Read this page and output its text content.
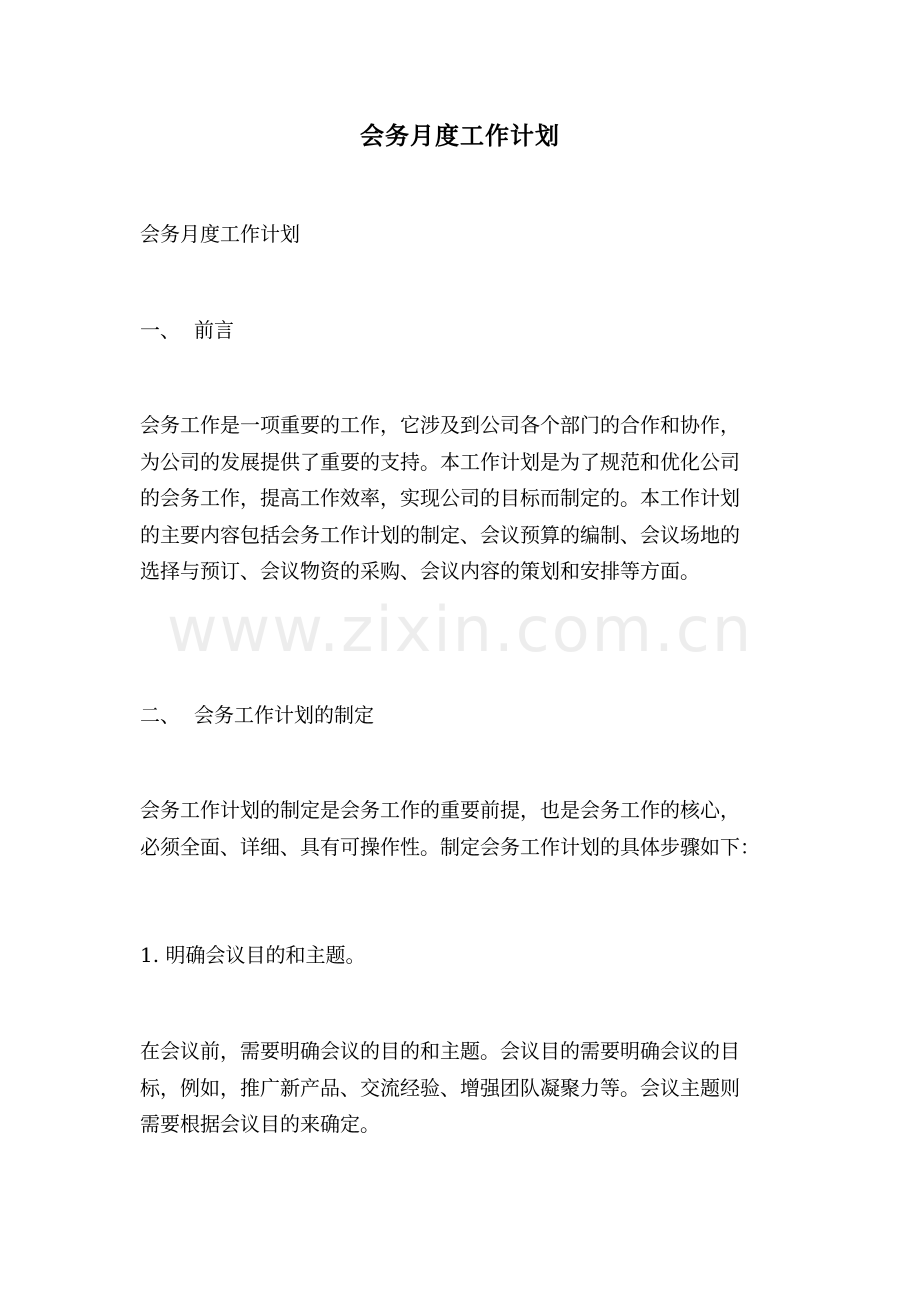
www.zixin.com.cn
会务月度工作计划
会务月度工作计划
一、 前言
会务工作是一项重要的工作，它涉及到公司各个部门的合作和协作，
为公司的发展提供了重要的支持。本工作计划是为了规范和优化公司
的会务工作，提高工作效率，实现公司的目标而制定的。本工作计划
的主要内容包括会务工作计划的制定、会议预算的编制、会议场地的
选择与预订、会议物资的采购、会议内容的策划和安排等方面。
二、 会务工作计划的制定
会务工作计划的制定是会务工作的重要前提，也是会务工作的核心，
必须全面、详细、具有可操作性。制定会务工作计划的具体步骤如下：
1. 明确会议目的和主题。
在会议前，需要明确会议的目的和主题。会议目的需要明确会议的目
标，例如，推广新产品、交流经验、增强团队凝聚力等。会议主题则
需要根据会议目的来确定。
